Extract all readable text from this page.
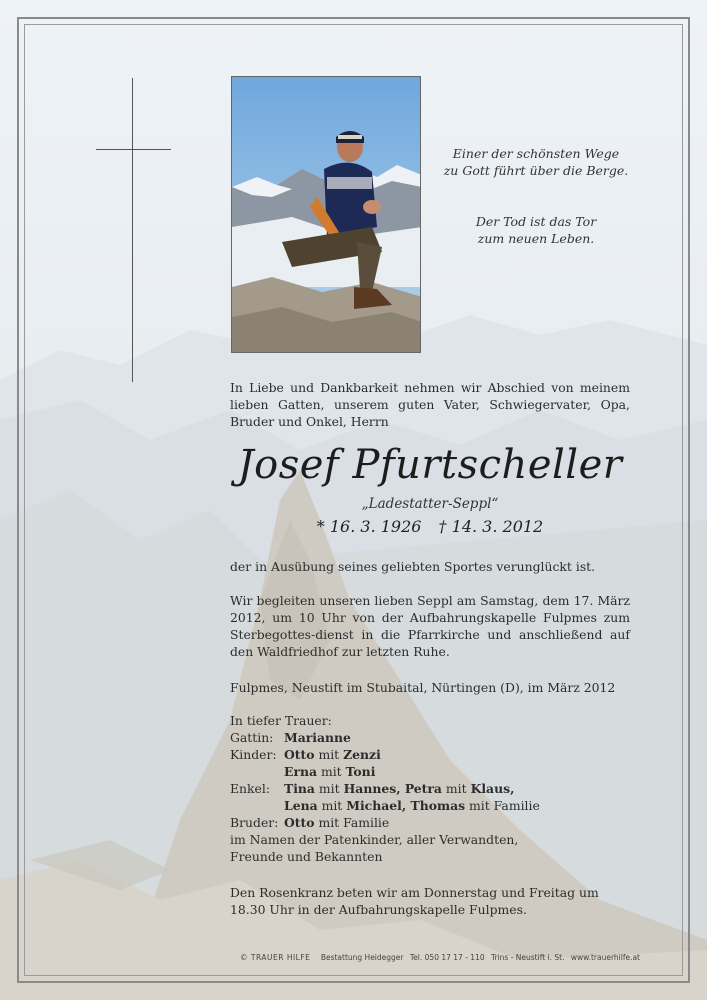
Einer der schönsten Wege
zu Gott führt über die Berge.
Der Tod ist das Tor
zum neuen Leben.
In Liebe und Dankbarkeit nehmen wir Abschied von meinem lieben Gatten, unserem guten Vater, Schwiegervater, Opa, Bruder und Onkel, Herrn
Josef Pfurtscheller
„Ladestatter-Seppl“
* 16. 3. 1926 † 14. 3. 2012
der in Ausübung seines geliebten Sportes verunglückt ist.
Wir begleiten unseren lieben Seppl am Samstag, dem 17. März 2012, um 10 Uhr von der Aufbahrungskapelle Fulpmes zum Sterbegottes-dienst in die Pfarrkirche und anschließend auf den Waldfriedhof zur letzten Ruhe.
Fulpmes, Neustift im Stubaital, Nürtingen (D), im März 2012
In tiefer Trauer:
Gattin: Marianne
Kinder: Otto mit Zenzi
Erna mit Toni
Enkel:	Tina mit Hannes, Petra mit Klaus,
Lena mit Michael, Thomas mit Familie
Bruder: Otto mit Familie
im Namen der Patenkinder, aller Verwandten,
Freunde und Bekannten
Den Rosenkranz beten wir am Donnerstag und Freitag um 18.30 Uhr in der Aufbahrungskapelle Fulpmes.
© TRAUER HILFE Bestattung Heidegger Tel. 050 17 17 - 110 Trins - Neustift i. St. www.trauerhilfe.at
